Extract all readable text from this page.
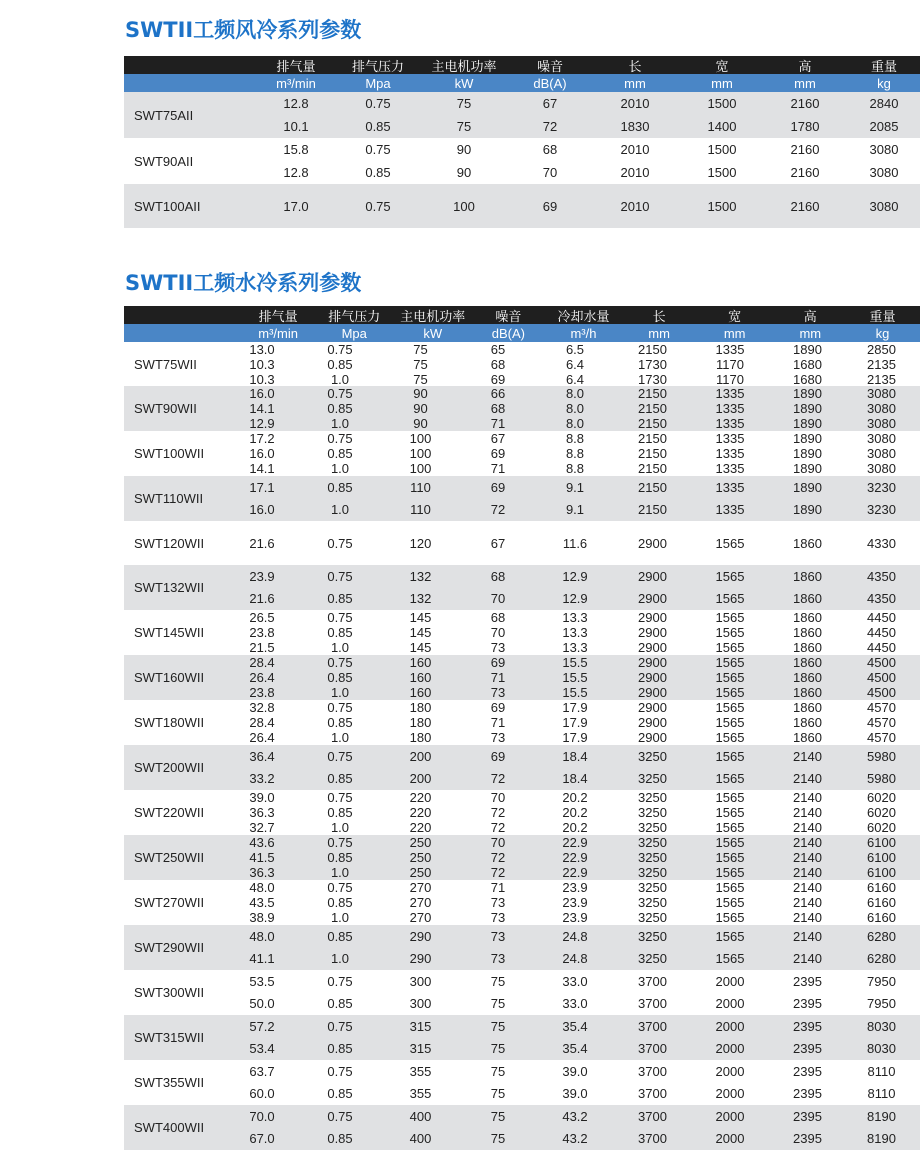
SWTII工频风冷系列参数
排气量	排气压力	主电机功率	噪音	长	宽	高	重量
m³/min	Mpa	kW	dB(A)	mm	mm	mm	kg
SWT75AII
12.8	0.75	75	67	2010	1500	2160	2840
10.1	0.85	75	72	1830	1400	1780	2085
SWT90AII
15.8	0.75	90	68	2010	1500	2160	3080
12.8	0.85	90	70	2010	1500	2160	3080
SWT100AII	17.0	0.75	100	69	2010	1500	2160	3080
SWTII工频水冷系列参数
排气量	排气压力	主电机功率	噪音	冷却水量	长	宽	高	重量
m³/min	Mpa	kW	dB(A)	m³/h	mm	mm	mm	kg
SWT75WII
13.0	0.75	75	65	6.5	2150	1335	1890	2850
10.3	0.85	75	68	6.4	1730	1170	1680	2135
10.3	1.0	75	69	6.4	1730	1170	1680	2135
SWT90WII
16.0	0.75	90	66	8.0	2150	1335	1890	3080
14.1	0.85	90	68	8.0	2150	1335	1890	3080
12.9	1.0	90	71	8.0	2150	1335	1890	3080
SWT100WII
17.2	0.75	100	67	8.8	2150	1335	1890	3080
16.0	0.85	100	69	8.8	2150	1335	1890	3080
14.1	1.0	100	71	8.8	2150	1335	1890	3080
SWT110WII
17.1	0.85	110	69	9.1	2150	1335	1890	3230
16.0	1.0	110	72	9.1	2150	1335	1890	3230
SWT120WII	21.6	0.75	120	67	11.6	2900	1565	1860	4330
SWT132WII
23.9	0.75	132	68	12.9	2900	1565	1860	4350
21.6	0.85	132	70	12.9	2900	1565	1860	4350
SWT145WII
26.5	0.75	145	68	13.3	2900	1565	1860	4450
23.8	0.85	145	70	13.3	2900	1565	1860	4450
21.5	1.0	145	73	13.3	2900	1565	1860	4450
SWT160WII
28.4	0.75	160	69	15.5	2900	1565	1860	4500
26.4	0.85	160	71	15.5	2900	1565	1860	4500
23.8	1.0	160	73	15.5	2900	1565	1860	4500
SWT180WII
32.8	0.75	180	69	17.9	2900	1565	1860	4570
28.4	0.85	180	71	17.9	2900	1565	1860	4570
26.4	1.0	180	73	17.9	2900	1565	1860	4570
SWT200WII
36.4	0.75	200	69	18.4	3250	1565	2140	5980
33.2	0.85	200	72	18.4	3250	1565	2140	5980
SWT220WII
39.0	0.75	220	70	20.2	3250	1565	2140	6020
36.3	0.85	220	72	20.2	3250	1565	2140	6020
32.7	1.0	220	72	20.2	3250	1565	2140	6020
SWT250WII
43.6	0.75	250	70	22.9	3250	1565	2140	6100
41.5	0.85	250	72	22.9	3250	1565	2140	6100
36.3	1.0	250	72	22.9	3250	1565	2140	6100
SWT270WII
48.0	0.75	270	71	23.9	3250	1565	2140	6160
43.5	0.85	270	73	23.9	3250	1565	2140	6160
38.9	1.0	270	73	23.9	3250	1565	2140	6160
SWT290WII
48.0	0.85	290	73	24.8	3250	1565	2140	6280
41.1	1.0	290	73	24.8	3250	1565	2140	6280
SWT300WII
53.5	0.75	300	75	33.0	3700	2000	2395	7950
50.0	0.85	300	75	33.0	3700	2000	2395	7950
SWT315WII
57.2	0.75	315	75	35.4	3700	2000	2395	8030
53.4	0.85	315	75	35.4	3700	2000	2395	8030
SWT355WII
63.7	0.75	355	75	39.0	3700	2000	2395	8110
60.0	0.85	355	75	39.0	3700	2000	2395	8110
SWT400WII
70.0	0.75	400	75	43.2	3700	2000	2395	8190
67.0	0.85	400	75	43.2	3700	2000	2395	8190
